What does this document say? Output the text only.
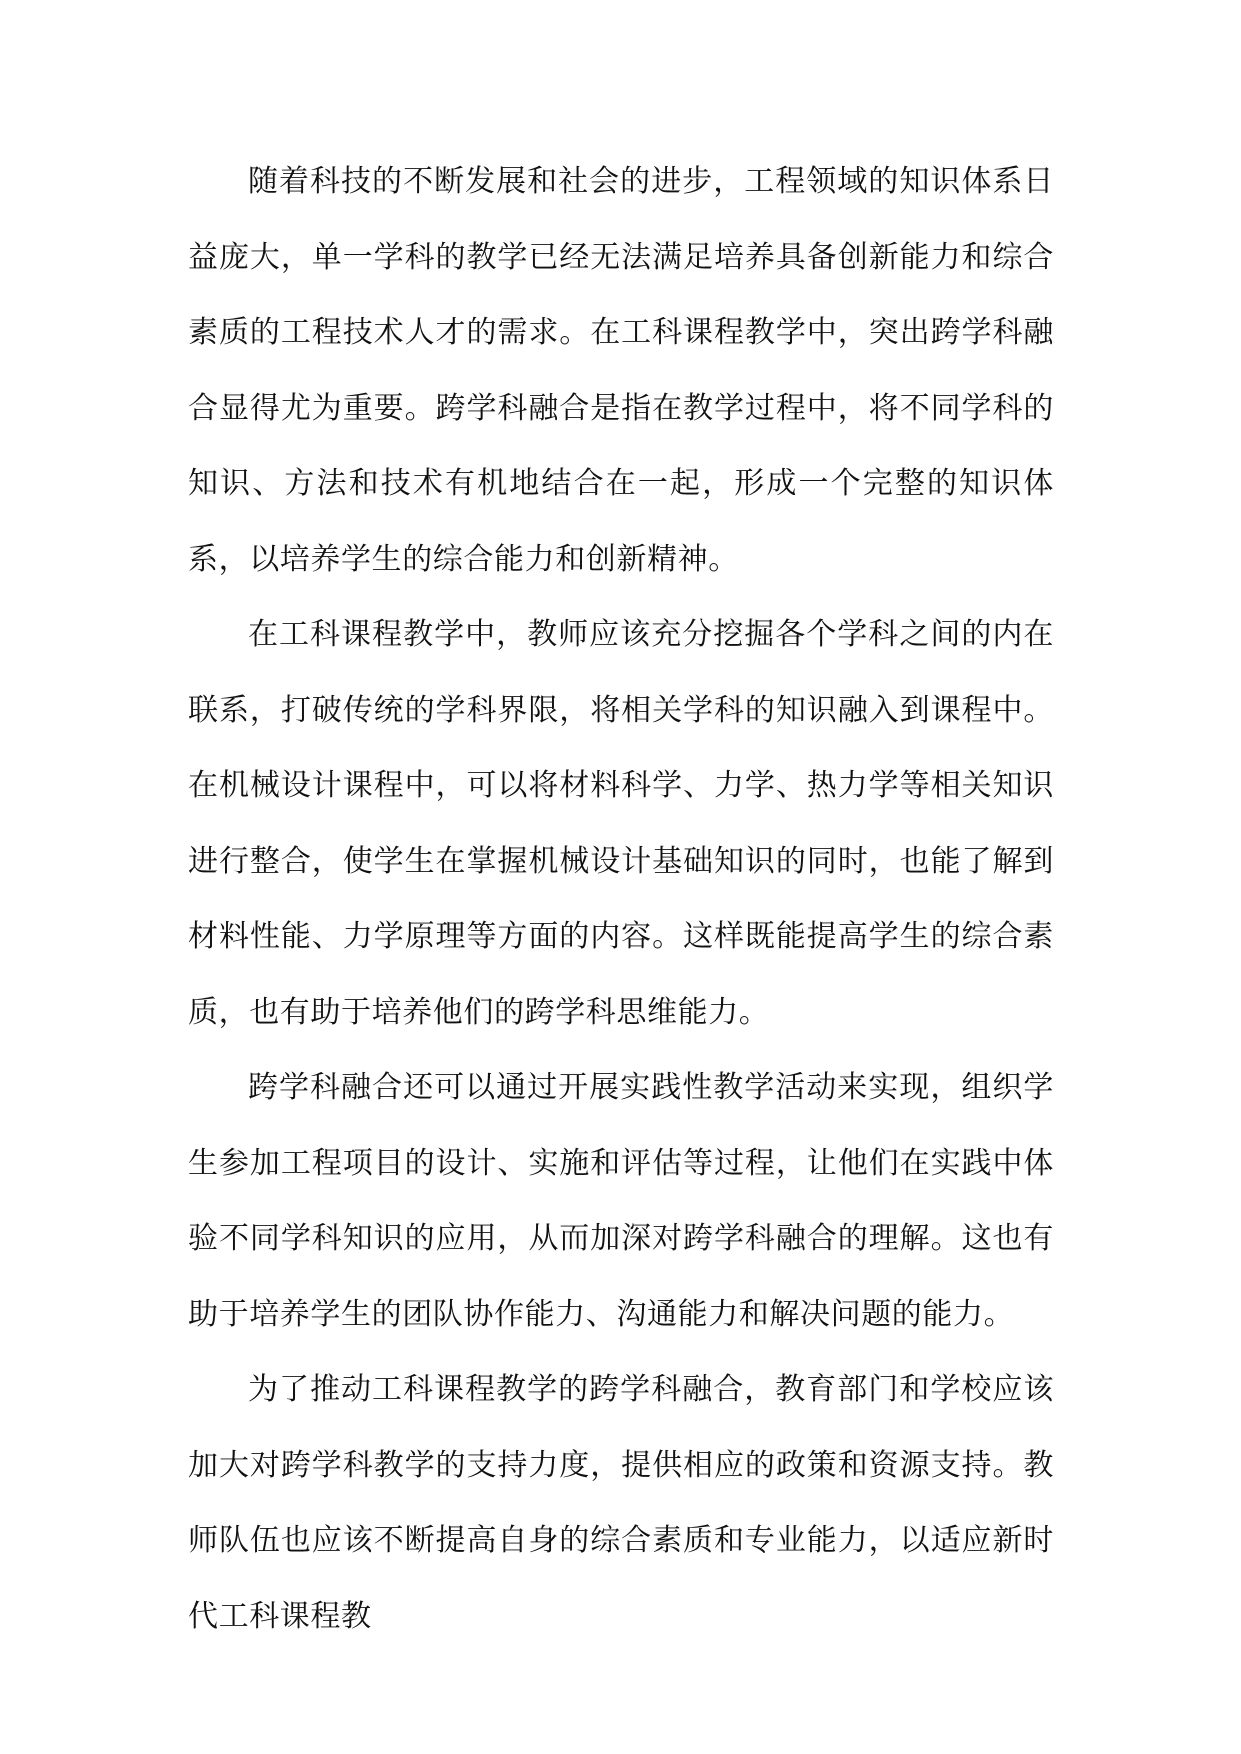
随着科技的不断发展和社会的进步，工程领域的知识体系日益庞大，单一学科的教学已经无法满足培养具备创新能力和综合素质的工程技术人才的需求。在工科课程教学中，突出跨学科融合显得尤为重要。跨学科融合是指在教学过程中，将不同学科的知识、方法和技术有机地结合在一起，形成一个完整的知识体系，以培养学生的综合能力和创新精神。

在工科课程教学中，教师应该充分挖掘各个学科之间的内在联系，打破传统的学科界限，将相关学科的知识融入到课程中。在机械设计课程中，可以将材料科学、力学、热力学等相关知识进行整合，使学生在掌握机械设计基础知识的同时，也能了解到材料性能、力学原理等方面的内容。这样既能提高学生的综合素质，也有助于培养他们的跨学科思维能力。

跨学科融合还可以通过开展实践性教学活动来实现，组织学生参加工程项目的设计、实施和评估等过程，让他们在实践中体验不同学科知识的应用，从而加深对跨学科融合的理解。这也有助于培养学生的团队协作能力、沟通能力和解决问题的能力。

为了推动工科课程教学的跨学科融合，教育部门和学校应该加大对跨学科教学的支持力度，提供相应的政策和资源支持。教师队伍也应该不断提高自身的综合素质和专业能力，以适应新时代工科课程教
